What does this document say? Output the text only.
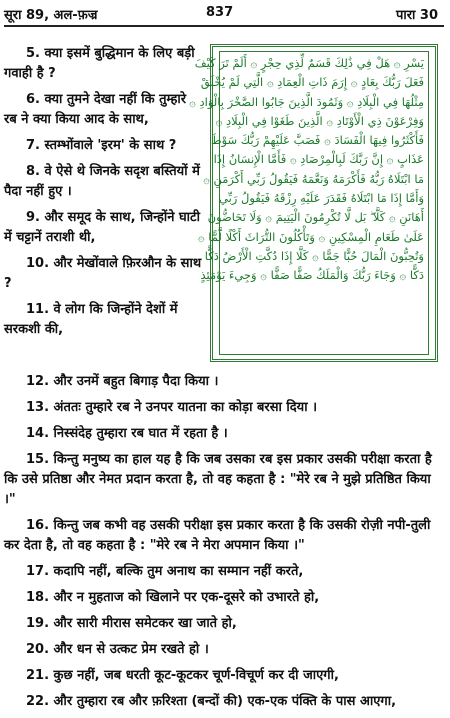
सूरा 89, अल-फ़ज्र	837	पारा 30

5. क्या इसमें बुद्धिमान के लिए बड़ी गवाही है ?

6. क्या तुमने देखा नहीं कि तुम्हारे रब ने क्या किया आद के साथ,

7. स्तम्भोंवाले 'इरम' के साथ ?

8. वे ऐसे थे जिनके सदृश बस्तियों में पैदा नहीं हुए ।

9. और समूद के साथ, जिन्होंने घाटी में चट्टानें तराशी थी,

10. और मेखोंवाले फ़िरऔन के साथ ?

11. वे लोग कि जिन्होंने देशों में सरकशी की,

يَسْرِ ۞ هَلْ فِي ذَٰلِكَ قَسَمٌ لِّذِي حِجْرٍ ۞ أَلَمْ تَرَ كَيْفَ
فَعَلَ رَبُّكَ بِعَادٍ ۞ إِرَمَ ذَاتِ الْعِمَادِ ۞ الَّتِي لَمْ يُخْلَقْ
مِثْلُهَا فِي الْبِلَادِ ۞ وَثَمُودَ الَّذِينَ جَابُوا الصَّخْرَ بِالْوَادِ ۞
وَفِرْعَوْنَ ذِي الْأَوْتَادِ ۞ الَّذِينَ طَغَوْا فِي الْبِلَادِ ۞
فَأَكْثَرُوا فِيهَا الْفَسَادَ ۞ فَصَبَّ عَلَيْهِمْ رَبُّكَ سَوْطَ
عَذَابٍ ۞ إِنَّ رَبَّكَ لَبِالْمِرْصَادِ ۞ فَأَمَّا الْإِنسَانُ إِذَا
مَا ابْتَلَاهُ رَبُّهُ فَأَكْرَمَهُ وَنَعَّمَهُ فَيَقُولُ رَبِّي أَكْرَمَنِ ۞
وَأَمَّا إِذَا مَا ابْتَلَاهُ فَقَدَرَ عَلَيْهِ رِزْقَهُ فَيَقُولُ رَبِّي
أَهَانَنِ ۞ كَلَّا ۖ بَل لَّا تُكْرِمُونَ الْيَتِيمَ ۞ وَلَا تَحَاضُّونَ
عَلَىٰ طَعَامِ الْمِسْكِينِ ۞ وَتَأْكُلُونَ التُّرَاثَ أَكْلًا لَّمًّا ۞
وَتُحِبُّونَ الْمَالَ حُبًّا جَمًّا ۞ كَلَّا إِذَا دُكَّتِ الْأَرْضُ دَكًّا
دَكًّا ۞ وَجَاءَ رَبُّكَ وَالْمَلَكُ صَفًّا صَفًّا ۞ وَجِيءَ يَوْمَئِذٍ

12. और उनमें बहुत बिगाड़ पैदा किया ।

13. अंततः तुम्हारे रब ने उनपर यातना का कोड़ा बरसा दिया ।

14. निस्संदेह तुम्हारा रब घात में रहता है ।

15. किन्तु मनुष्य का हाल यह है कि जब उसका रब इस प्रकार उसकी परीक्षा करता है कि उसे प्रतिष्ठा और नेमत प्रदान करता है, तो वह कहता है : "मेरे रब ने मुझे प्रतिष्ठित किया ।"

16. किन्तु जब कभी वह उसकी परीक्षा इस प्रकार करता है कि उसकी रोज़ी नपी-तुली कर देता है, तो वह कहता है : "मेरे रब ने मेरा अपमान किया ।"

17. कदापि नहीं, बल्कि तुम अनाथ का सम्मान नहीं करते,

18. और न मुहताज को खिलाने पर एक-दूसरे को उभारते हो,

19. और सारी मीरास समेटकर खा जाते हो,

20. और धन से उत्कट प्रेम रखते हो ।

21. कुछ नहीं, जब धरती कूट-कूटकर चूर्ण-विचूर्ण कर दी जाएगी,

22. और तुम्हारा रब और फ़रिश्ता (बन्दों की) एक-एक पंक्ति के पास आएगा,
